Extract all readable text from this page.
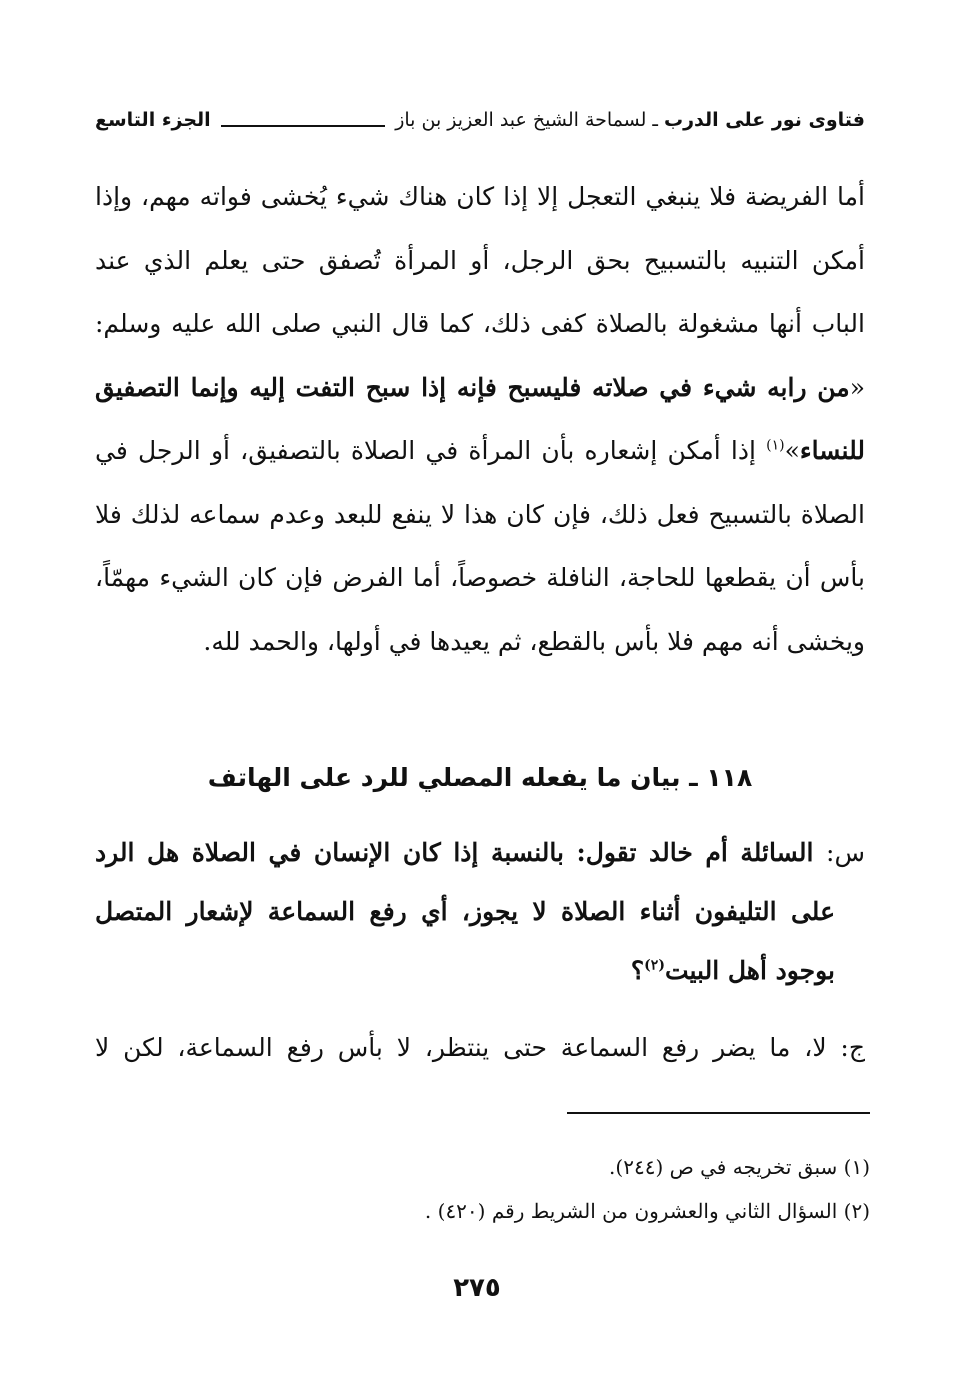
فتاوى نور على الدرب
ـ
لسماحة الشيخ عبد العزيز بن باز
الجزء التاسع

أما الفريضة فلا ينبغي التعجل إلا إذا كان هناك شيء يُخشى فواته مهم، وإذا أمكن التنبيه بالتسبيح بحق الرجل، أو المرأة تُصفق حتى يعلم الذي عند الباب أنها مشغولة بالصلاة كفى ذلك، كما قال النبي صلى الله عليه وسلم: «من رابه شيء في صلاته فليسبح فإنه إذا سبح التفت إليه وإنما التصفيق للنساء»$^{(١)}$ إذا أمكن إشعاره بأن المرأة في الصلاة بالتصفيق، أو الرجل في الصلاة بالتسبيح فعل ذلك، فإن كان هذا لا ينفع للبعد وعدم سماعه لذلك فلا بأس أن يقطعها للحاجة، النافلة خصوصاً، أما الفرض فإن كان الشيء مهمّاً، ويخشى أنه مهم فلا بأس بالقطع، ثم يعيدها في أولها، والحمد لله.

١١٨ ـ بيان ما يفعله المصلي للرد على الهاتف

س: السائلة أم خالد تقول: بالنسبة إذا كان الإنسان في الصلاة هل الرد على التليفون أثناء الصلاة لا يجوز، أي رفع السماعة لإشعار المتصل بوجود أهل البيت$^{(٢)}$؟

ج: لا، ما يضر رفع السماعة حتى ينتظر، لا بأس رفع السماعة، لكن لا

(١) سبق تخريجه في ص (٢٤٤).

(٢) السؤال الثاني والعشرون من الشريط رقم (٤٢٠) .

٢٧٥
